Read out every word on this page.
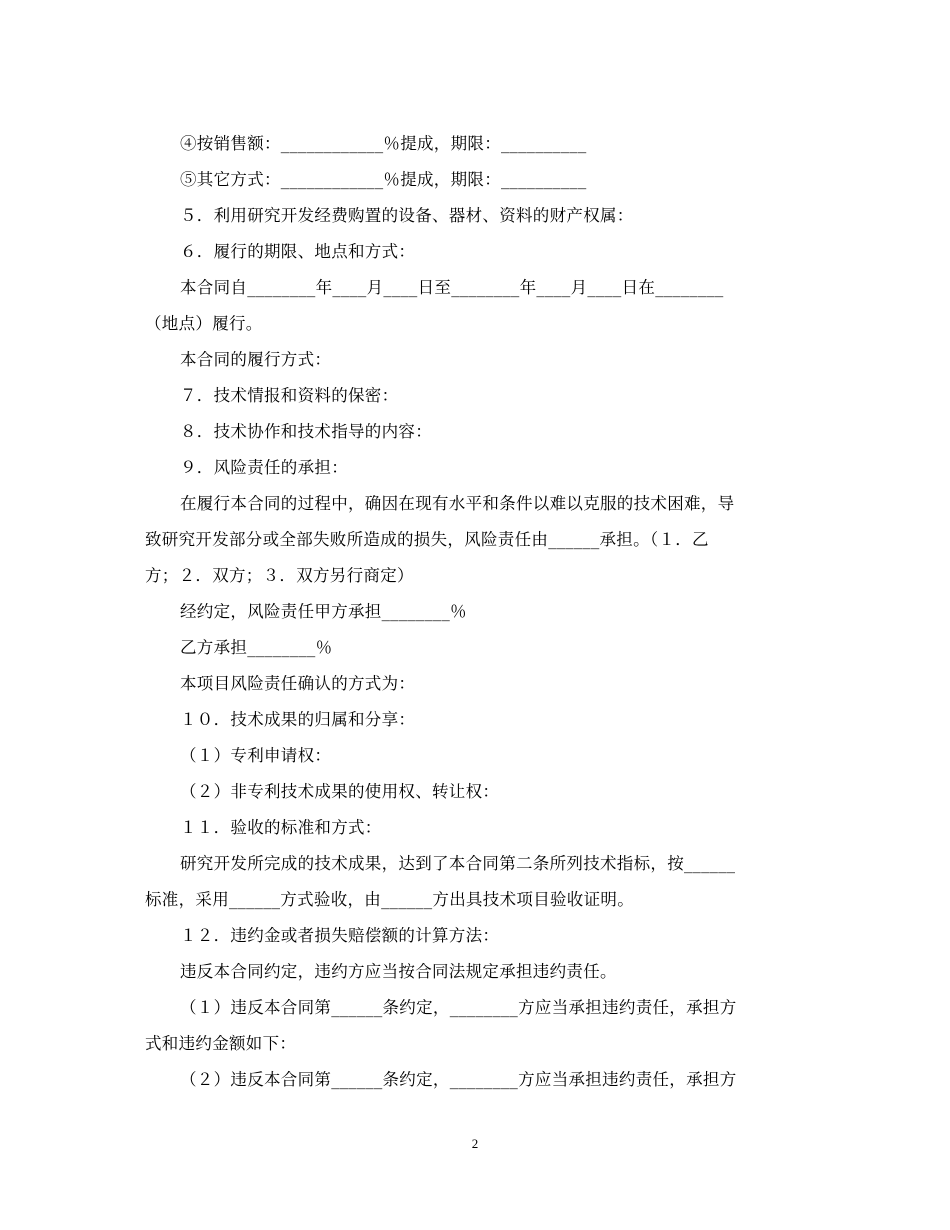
④按销售额：____________％提成，期限：__________
⑤其它方式：____________％提成，期限：__________
５．利用研究开发经费购置的设备、器材、资料的财产权属：
６．履行的期限、地点和方式：
本合同自________年____月____日至________年____月____日在________
（地点）履行。
本合同的履行方式：
７．技术情报和资料的保密：
８．技术协作和技术指导的内容：
９．风险责任的承担：
在履行本合同的过程中，确因在现有水平和条件以难以克服的技术困难，导
致研究开发部分或全部失败所造成的损失，风险责任由______承担。（１．乙
方；２．双方；３．双方另行商定）
经约定，风险责任甲方承担________％
乙方承担________％
本项目风险责任确认的方式为：
１０．技术成果的归属和分享：
（１）专利申请权：
（２）非专利技术成果的使用权、转让权：
１１．验收的标准和方式：
研究开发所完成的技术成果，达到了本合同第二条所列技术指标，按______
标准，采用______方式验收，由______方出具技术项目验收证明。
１２．违约金或者损失赔偿额的计算方法：
违反本合同约定，违约方应当按合同法规定承担违约责任。
（１）违反本合同第______条约定，________方应当承担违约责任，承担方
式和违约金额如下：
（２）违反本合同第______条约定，________方应当承担违约责任，承担方
2
